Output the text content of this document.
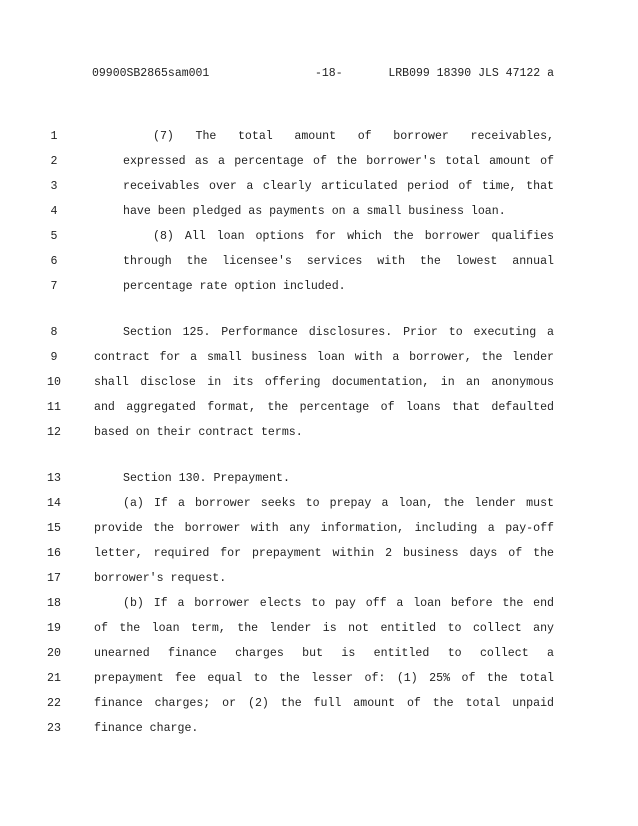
09900SB2865sam001

	-18-

	LRB099 18390 JLS 47122 a

1	(7) The total amount of borrower receivables,
2	expressed as a percentage of the borrower's total amount of
3	receivables over a clearly articulated period of time, that
4	have been pledged as payments on a small business loan.
5	(8) All loan options for which the borrower qualifies
6	through the licensee's services with the lowest annual
7	percentage rate option included.
8	Section 125. Performance disclosures. Prior to executing a
9	contract for a small business loan with a borrower, the lender
10	shall disclose in its offering documentation, in an anonymous
11	and aggregated format, the percentage of loans that defaulted
12	based on their contract terms.
13	Section 130. Prepayment.
14	(a) If a borrower seeks to prepay a loan, the lender must
15	provide the borrower with any information, including a pay-off
16	letter, required for prepayment within 2 business days of the
17	borrower's request.
18	(b) If a borrower elects to pay off a loan before the end
19	of the loan term, the lender is not entitled to collect any
20	unearned finance charges but is entitled to collect a
21	prepayment fee equal to the lesser of: (1) 25% of the total
22	finance charges; or (2) the full amount of the total unpaid
23	finance charge.
